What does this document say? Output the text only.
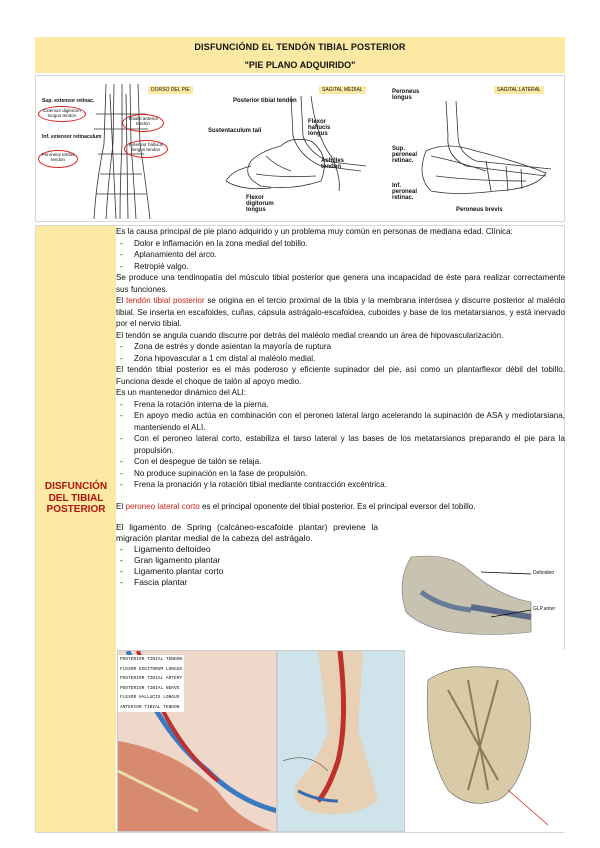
DISFUNCIÓND EL TENDÓN TIBIAL POSTERIOR
"PIE PLANO ADQUIRIDO"
DORSO DEL PIE
Sup. extensor retinac.
Extensor digitorum longus tendon
Inf. extensor retinaculum
Peroneus tertius tendon
Tibialis anterior tendon
Extensor hallucis longus tendon
SAGITAL MEDIAL
Posterior tibial tendon
Sustentaculum tali
Flexor hallucis longus
Achilles tendon
Flexor digitorum longus
SAGITAL LATERAL
Peroneus longus
Sup. peroneal retinac.
Inf. peroneal retinac.
Peroneus brevis
DISFUNCIÓN DEL TIBIAL POSTERIOR

Es la causa principal de pie plano adquirido y un problema muy común en personas de mediana edad. Clínica:

- Dolor e inflamación en la zona medial del tobillo.

- Aplanamiento del arco.

- Retropié valgo.

Se produce una tendinopatía del músculo tibial posterior que genera una incapacidad de éste para realizar correctamente sus funciones.

El tendón tibial posterior se origina en el tercio proximal de la tibia y la membrana interósea y discurre posterior al maléolo tibial. Se inserta en escafoides, cuñas, cápsula astrágalo-escafoidea, cuboides y base de los metatarsianos, y está inervado por el nervio tibial.

El tendón se angula cuando discurre por detrás del maléolo medial creando un área de hipovascularización.

- Zona de estrés y donde asientan la mayoría de ruptura

- Zona hipovascular a 1 cm distal al maléolo medial.

El tendón tibial posterior es el más poderoso y eficiente supinador del pie, así como un plantarflexor débil del tobillo. Funciona desde el choque de talón al apoyo medio.

Es un mantenedor dinámico del ALI:

- Frena la rotación interna de la pierna.

- En apoyo medio actúa en combinación con el peroneo lateral largo acelerando la supinación de ASA y mediotarsiana, manteniendo el ALI.

- Con el peroneo lateral corto, estabiliza el tarso lateral y las bases de los metatarsianos preparando el pie para la propulsión.

- Con el despegue de talón se relaja.

- No produce supinación en la fase de propulsión.

- Frena la pronación y la rotación tibial mediante contracción excéntrica.

El peroneo lateral corto es el principal oponente del tibial posterior. Es el principal eversor del tobillo.

El ligamento de Spring (calcáneo-escafoide plantar) previene la migración plantar medial de la cabeza del astrágalo.

- Ligamento deltoideo

- Gran ligamento plantar

- Ligamento plantar corto

- Fascia plantar

Deltoideo
GLP.anter
POSTERIOR TIBIAL TENDON
FLEXOR DIGITORUM LONGUS
POSTERIOR TIBIAL ARTERY
POSTERIOR TIBIAL NERVE
FLEXOR HALLUCIS LONGUS
ANTERIOR TIBIAL TENDON
